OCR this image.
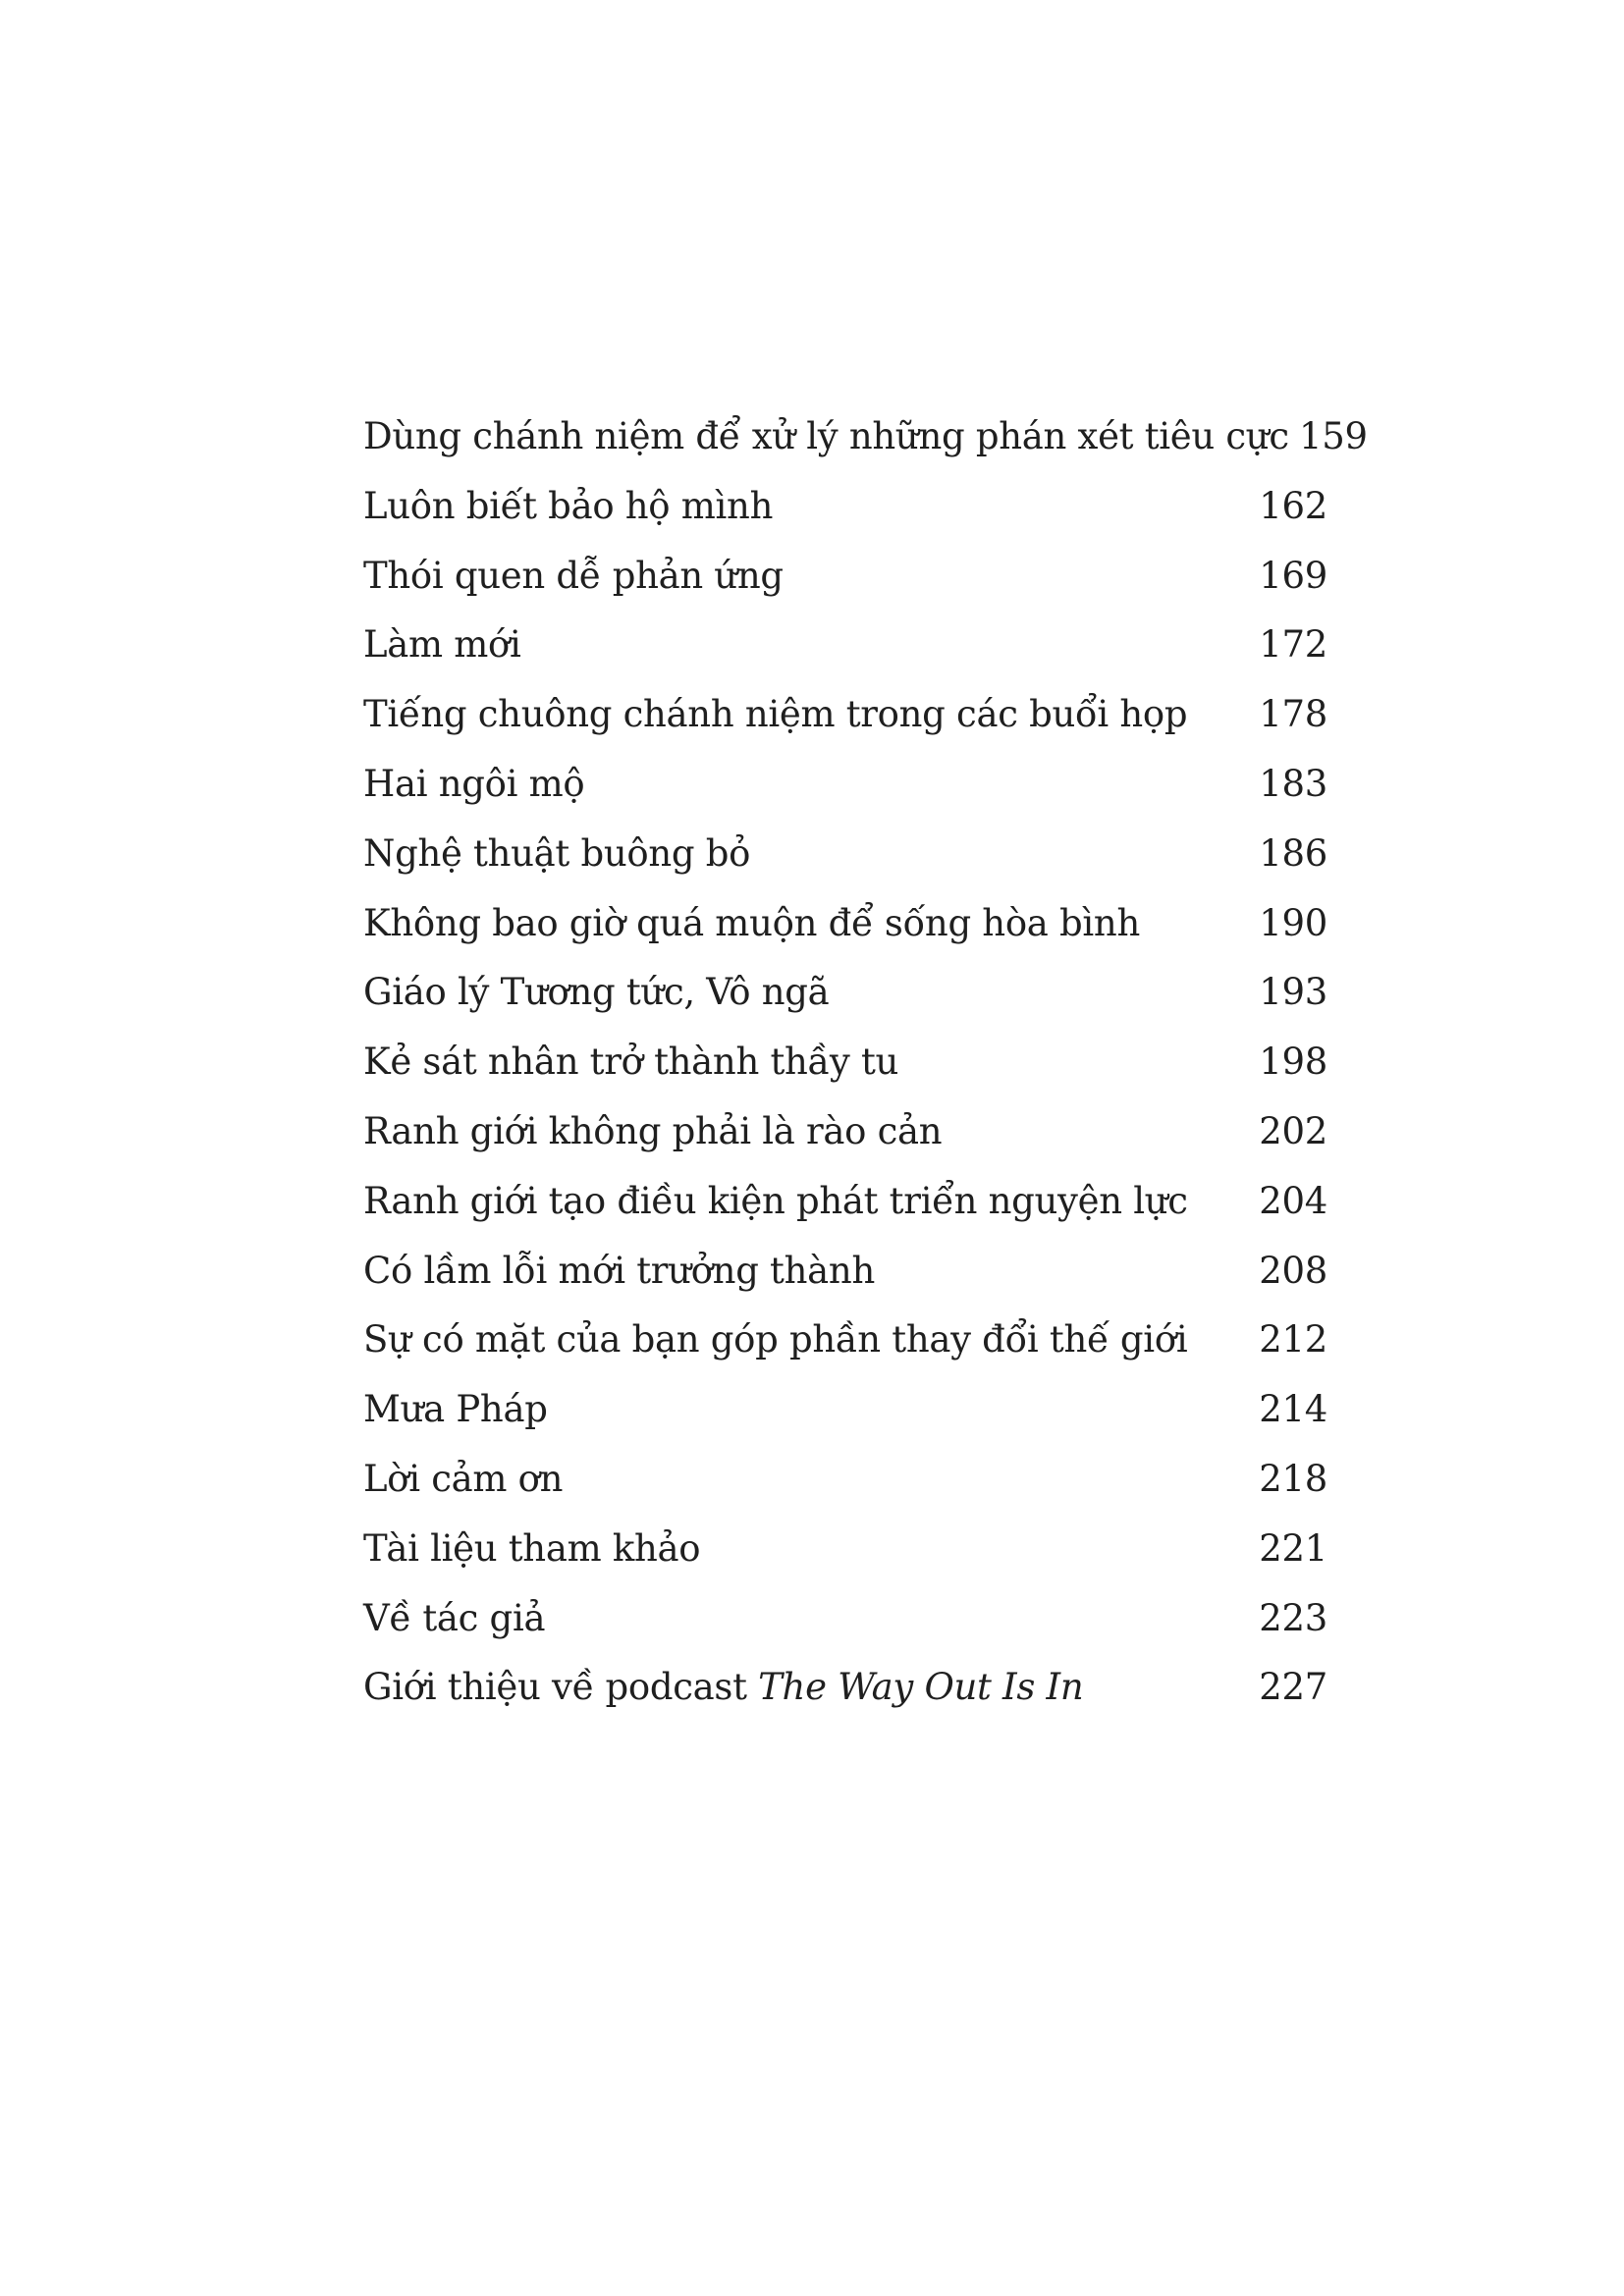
Dùng chánh niệm để xử lý những phán xét tiêu cực 159
Luôn biết bảo hộ mình	162
Thói quen dễ phản ứng	169
Làm mới	172
Tiếng chuông chánh niệm trong các buổi họp	178
Hai ngôi mộ	183
Nghệ thuật buông bỏ	186
Không bao giờ quá muộn để sống hòa bình	190
Giáo lý Tương tức, Vô ngã	193
Kẻ sát nhân trở thành thầy tu	198
Ranh giới không phải là rào cản	202
Ranh giới tạo điều kiện phát triển nguyện lực	204
Có lầm lỗi mới trưởng thành	208
Sự có mặt của bạn góp phần thay đổi thế giới	212
Mưa Pháp	214
Lời cảm ơn	218
Tài liệu tham khảo	221
Về tác giả	223
Giới thiệu về podcast The Way Out Is In	227
